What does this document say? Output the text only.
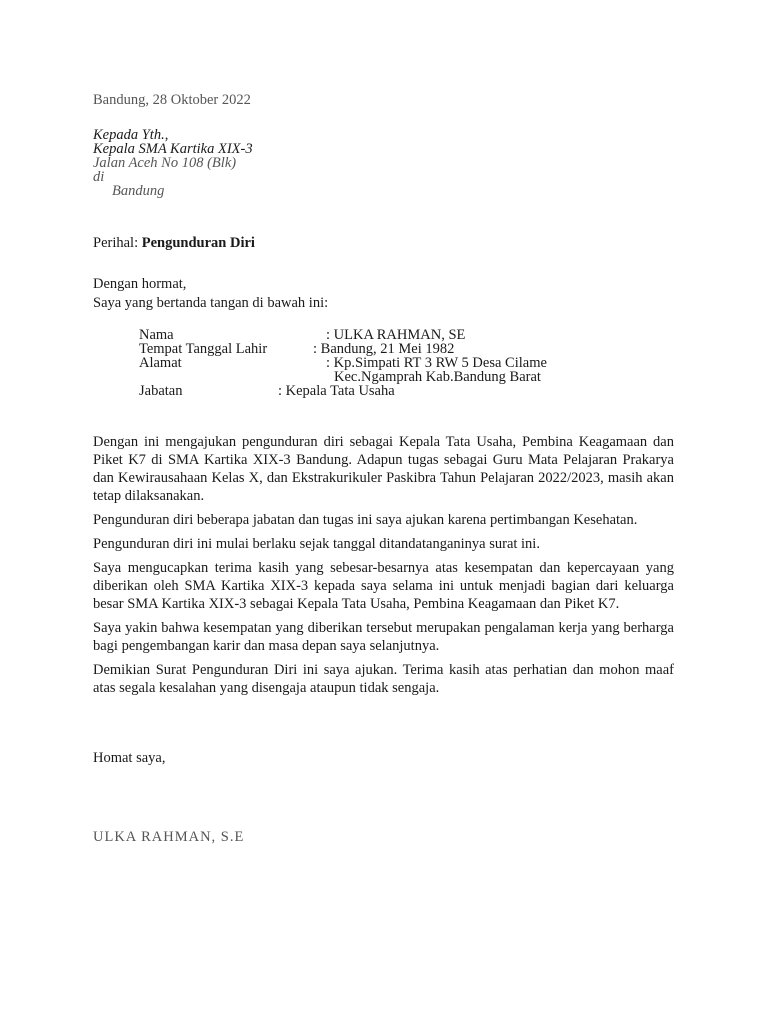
Bandung, 28 Oktober 2022
Kepada Yth.,
Kepala SMA Kartika XIX-3
Jalan Aceh No 108 (Blk)
di
Bandung
Perihal: Pengunduran Diri
Dengan hormat,
Saya yang bertanda tangan di bawah ini:
Nama	: ULKA RAHMAN, SE
Tempat Tanggal Lahir	: Bandung, 21 Mei 1982
Alamat	: Kp.Simpati RT 3 RW 5 Desa Cilame
Kec.Ngamprah Kab.Bandung Barat
Jabatan	: Kepala Tata Usaha

Dengan ini mengajukan pengunduran diri sebagai Kepala Tata Usaha, Pembina Keagamaan dan Piket K7 di SMA Kartika XIX-3 Bandung. Adapun tugas sebagai Guru Mata Pelajaran Prakarya dan Kewirausahaan Kelas X, dan Ekstrakurikuler Paskibra Tahun Pelajaran 2022/2023, masih akan tetap dilaksanakan.

Pengunduran diri beberapa jabatan dan tugas ini saya ajukan karena pertimbangan Kesehatan.

Pengunduran diri ini mulai berlaku sejak tanggal ditandatanganinya surat ini.

Saya mengucapkan terima kasih yang sebesar-besarnya atas kesempatan dan kepercayaan yang diberikan oleh SMA Kartika XIX-3 kepada saya selama ini untuk menjadi bagian dari keluarga besar SMA Kartika XIX-3 sebagai Kepala Tata Usaha, Pembina Keagamaan dan Piket K7.

Saya yakin bahwa kesempatan yang diberikan tersebut merupakan pengalaman kerja yang berharga bagi pengembangan karir dan masa depan saya selanjutnya.

Demikian Surat Pengunduran Diri ini saya ajukan. Terima kasih atas perhatian dan mohon maaf atas segala kesalahan yang disengaja ataupun tidak sengaja.

Homat saya,
ULKA RAHMAN, S.E
